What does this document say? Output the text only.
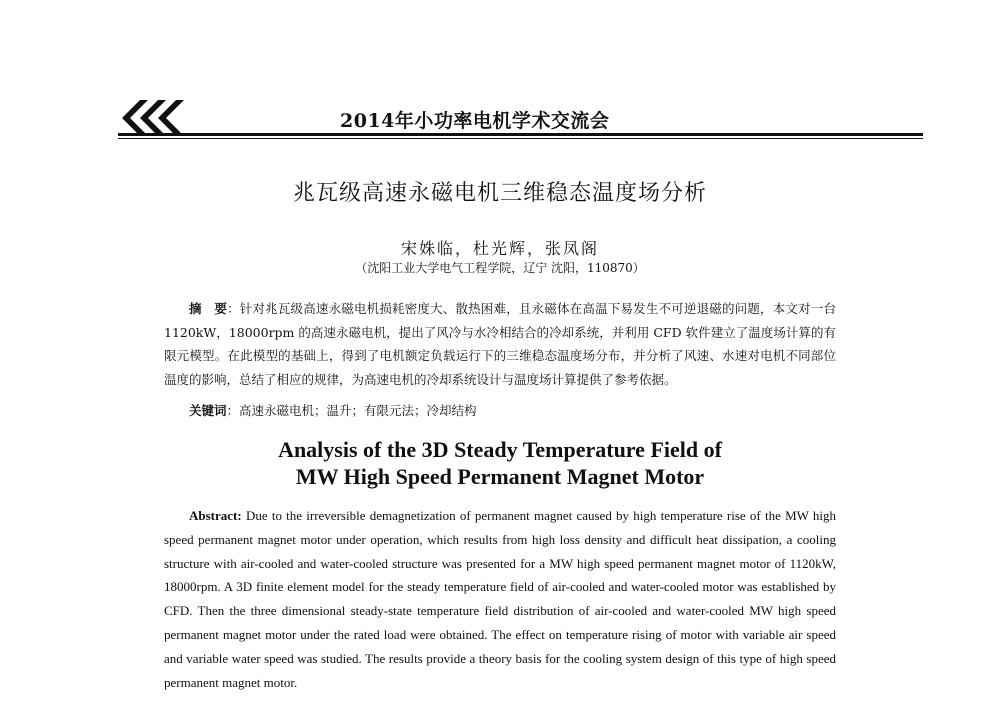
2014年小功率电机学术交流会
兆瓦级高速永磁电机三维稳态温度场分析
宋姝临，杜光辉，张凤阁
（沈阳工业大学电气工程学院，辽宁 沈阳，110870）
摘　要：针对兆瓦级高速永磁电机损耗密度大、散热困难，且永磁体在高温下易发生不可逆退磁的问题，本文对一台 1120kW，18000rpm 的高速永磁电机，提出了风冷与水冷相结合的冷却系统，并利用 CFD 软件建立了温度场计算的有限元模型。在此模型的基础上，得到了电机额定负载运行下的三维稳态温度场分布，并分析了风速、水速对电机不同部位温度的影响，总结了相应的规律，为高速电机的冷却系统设计与温度场计算提供了参考依据。
关键词：高速永磁电机；温升；有限元法；冷却结构
Analysis of the 3D Steady Temperature Field of
MW High Speed Permanent Magnet Motor
Abstract: Due to the irreversible demagnetization of permanent magnet caused by high temperature rise of the MW high speed permanent magnet motor under operation, which results from high loss density and difficult heat dissipation, a cooling structure with air-cooled and water-cooled structure was presented for a MW high speed permanent magnet motor of 1120kW, 18000rpm. A 3D finite element model for the steady temperature field of air-cooled and water-cooled motor was established by CFD. Then the three dimensional steady-state temperature field distribution of air-cooled and water-cooled MW high speed permanent magnet motor under the rated load were obtained. The effect on temperature rising of motor with variable air speed and variable water speed was studied. The results provide a theory basis for the cooling system design of this type of high speed permanent magnet motor.
